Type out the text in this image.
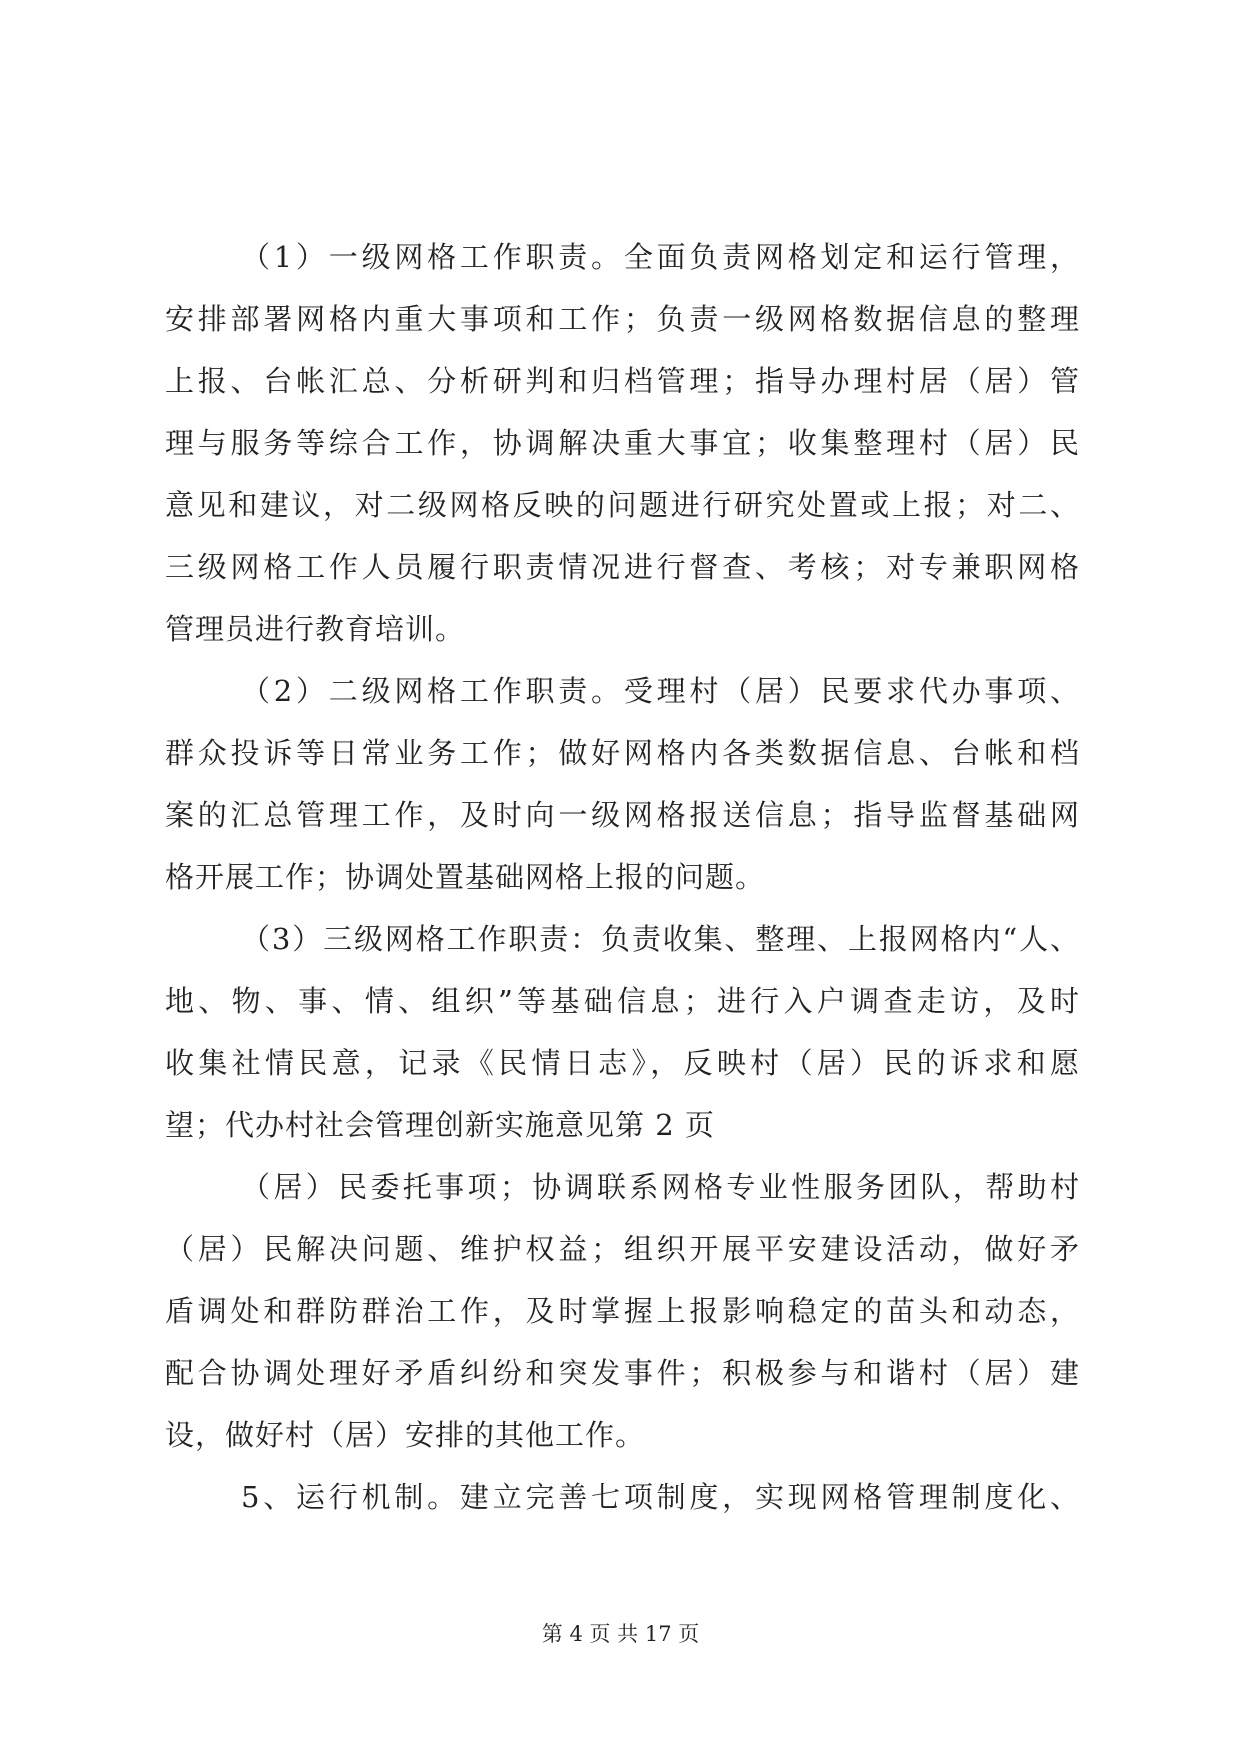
（1）一级网格工作职责。全面负责网格划定和运行管理，
安排部署网格内重大事项和工作；负责一级网格数据信息的整理
上报、台帐汇总、分析研判和归档管理；指导办理村居（居）管
理与服务等综合工作，协调解决重大事宜；收集整理村（居）民
意见和建议，对二级网格反映的问题进行研究处置或上报；对二、
三级网格工作人员履行职责情况进行督查、考核；对专兼职网格
管理员进行教育培训。
（2）二级网格工作职责。受理村（居）民要求代办事项、
群众投诉等日常业务工作；做好网格内各类数据信息、台帐和档
案的汇总管理工作，及时向一级网格报送信息；指导监督基础网
格开展工作；协调处置基础网格上报的问题。
（3）三级网格工作职责：负责收集、整理、上报网格内“人、
地、物、事、情、组织”等基础信息；进行入户调查走访，及时
收集社情民意，记录《民情日志》，反映村（居）民的诉求和愿
望；代办村社会管理创新实施意见第 2 页
（居）民委托事项；协调联系网格专业性服务团队，帮助村
（居）民解决问题、维护权益；组织开展平安建设活动，做好矛
盾调处和群防群治工作，及时掌握上报影响稳定的苗头和动态，
配合协调处理好矛盾纠纷和突发事件；积极参与和谐村（居）建
设，做好村（居）安排的其他工作。
5、运行机制。建立完善七项制度，实现网格管理制度化、
第 4 页 共 17 页
